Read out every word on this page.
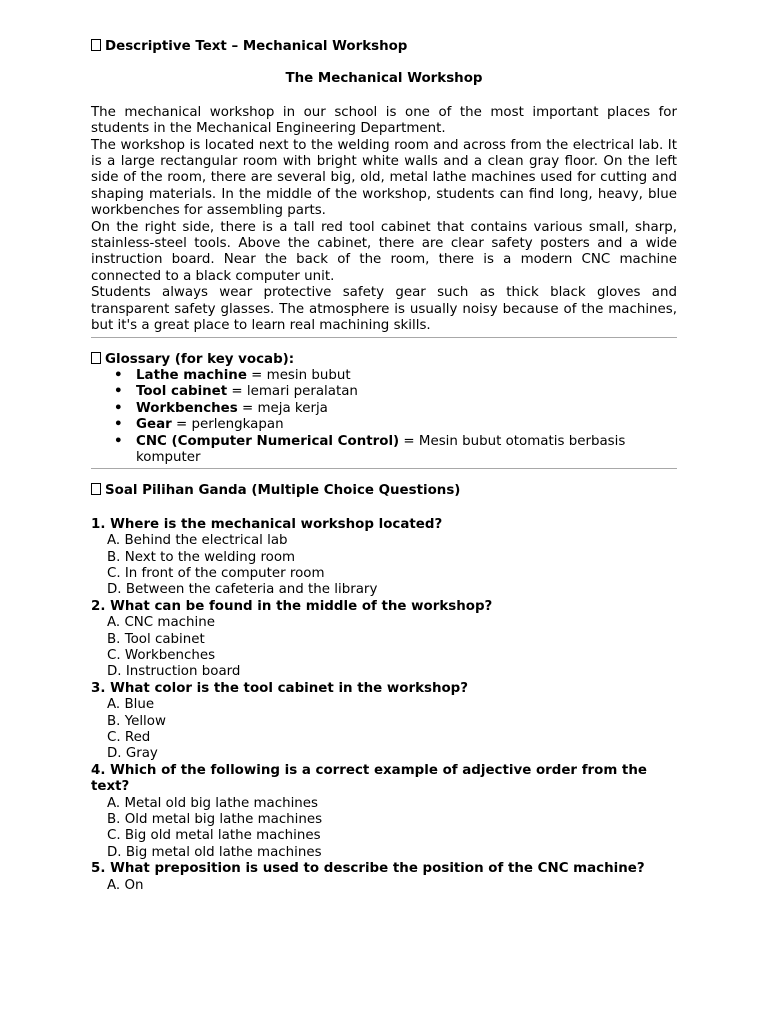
Descriptive Text – Mechanical Workshop

The Mechanical Workshop

The mechanical workshop in our school is one of the most important places for students in the Mechanical Engineering Department.

The workshop is located next to the welding room and across from the electrical lab. It is a large rectangular room with bright white walls and a clean gray floor. On the left side of the room, there are several big, old, metal lathe machines used for cutting and shaping materials. In the middle of the workshop, students can find long, heavy, blue workbenches for assembling parts.

On the right side, there is a tall red tool cabinet that contains various small, sharp, stainless-steel tools. Above the cabinet, there are clear safety posters and a wide instruction board. Near the back of the room, there is a modern CNC machine connected to a black computer unit.

Students always wear protective safety gear such as thick black gloves and transparent safety glasses. The atmosphere is usually noisy because of the machines, but it's a great place to learn real machining skills.

Glossary (for key vocab):

• Lathe machine = mesin bubut
• Tool cabinet = lemari peralatan
• Workbenches = meja kerja
• Gear = perlengkapan
• CNC (Computer Numerical Control) = Mesin bubut otomatis berbasis komputer

Soal Pilihan Ganda (Multiple Choice Questions)

1. Where is the mechanical workshop located?

A. Behind the electrical lab

B. Next to the welding room

C. In front of the computer room

D. Between the cafeteria and the library

2. What can be found in the middle of the workshop?

A. CNC machine

B. Tool cabinet

C. Workbenches

D. Instruction board

3. What color is the tool cabinet in the workshop?

A. Blue

B. Yellow

C. Red

D. Gray

4. Which of the following is a correct example of adjective order from the text?

A. Metal old big lathe machines

B. Old metal big lathe machines

C. Big old metal lathe machines

D. Big metal old lathe machines

5. What preposition is used to describe the position of the CNC machine?

A. On
